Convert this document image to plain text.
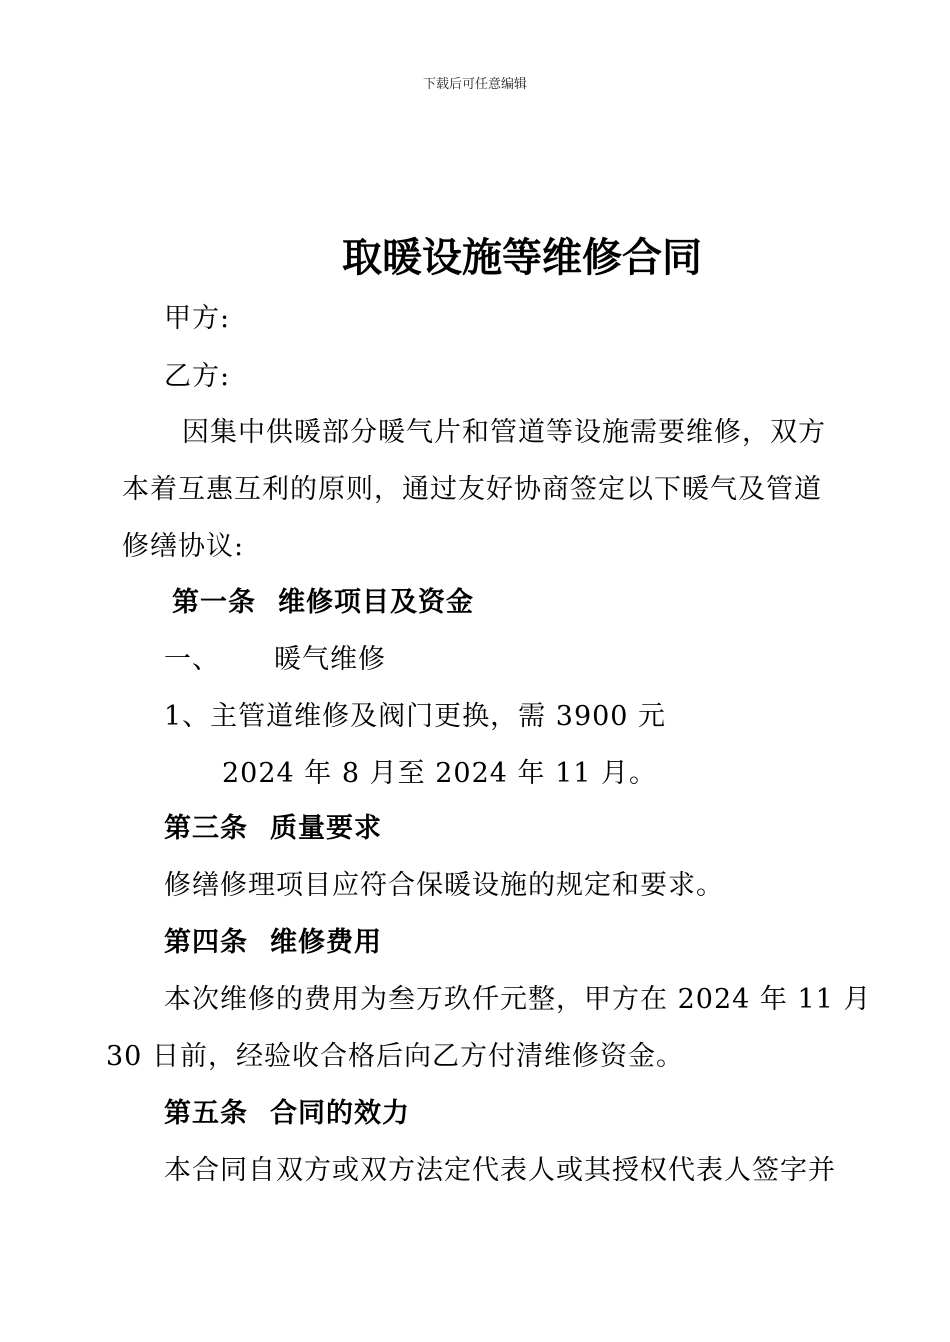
下载后可任意编辑
取暖设施等维修合同
甲方:
乙方:
因集中供暖部分暖气片和管道等设施需要维修，双方
本着互惠互利的原则，通过友好协商签定以下暖气及管道
修缮协议:
第一条 维修项目及资金
一、 暖气维修
1、主管道维修及阀门更换，需 3900 元
2024 年 8 月至 2024 年 11 月。
第三条 质量要求
修缮修理项目应符合保暖设施的规定和要求。
第四条 维修费用
本次维修的费用为叁万玖仟元整，甲方在 2024 年 11 月
30 日前，经验收合格后向乙方付清维修资金。
第五条 合同的效力
本合同自双方或双方法定代表人或其授权代表人签字并
